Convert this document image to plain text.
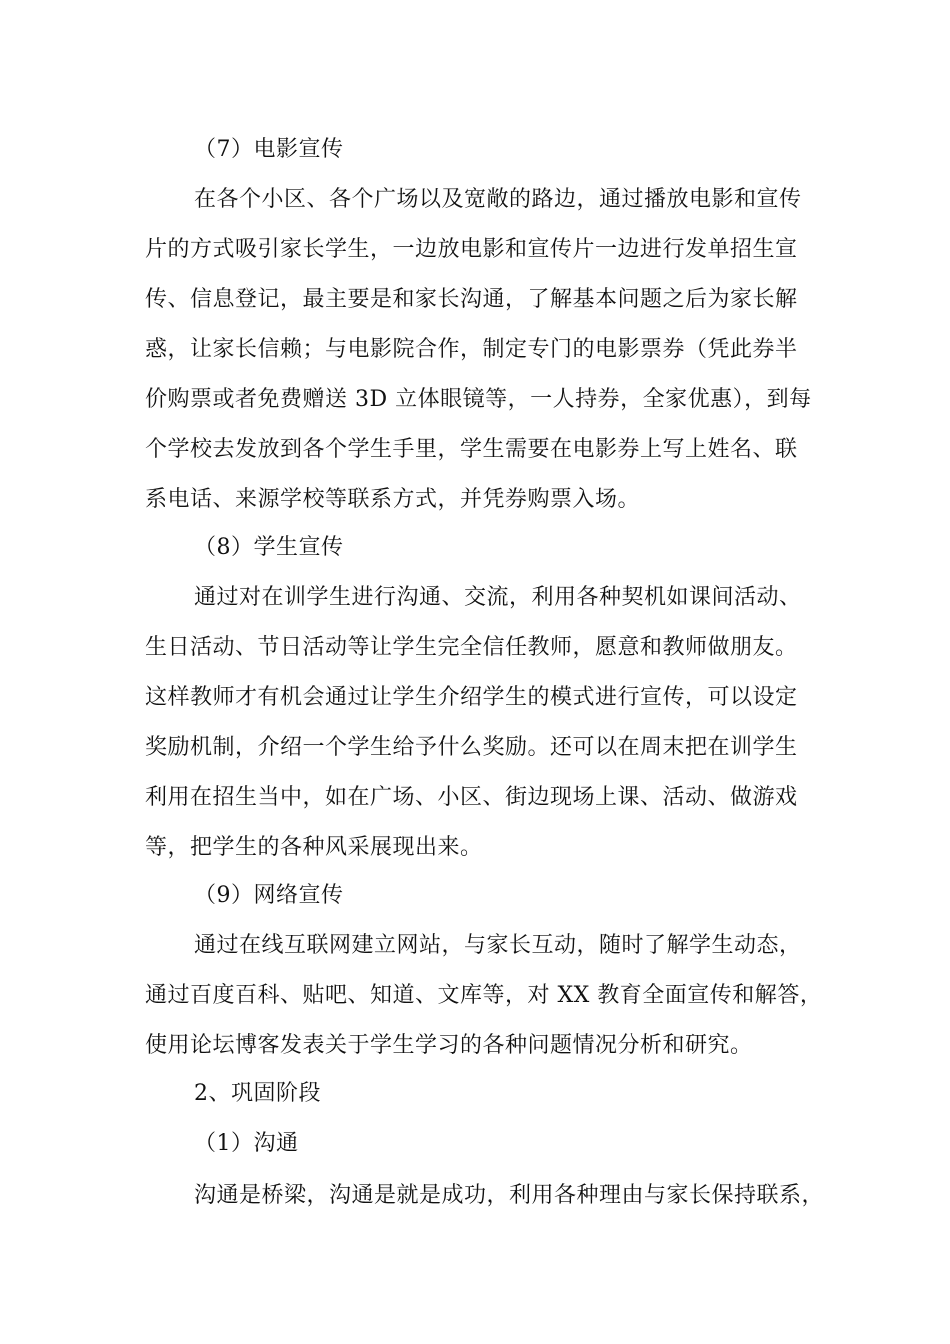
（7）电影宣传
在各个小区、各个广场以及宽敞的路边，通过播放电影和宣传
片的方式吸引家长学生，一边放电影和宣传片一边进行发单招生宣
传、信息登记，最主要是和家长沟通，了解基本问题之后为家长解
惑，让家长信赖；与电影院合作，制定专门的电影票券（凭此券半
价购票或者免费赠送 3D 立体眼镜等，一人持券，全家优惠），到每
个学校去发放到各个学生手里，学生需要在电影券上写上姓名、联
系电话、来源学校等联系方式，并凭券购票入场。
（8）学生宣传
通过对在训学生进行沟通、交流，利用各种契机如课间活动、
生日活动、节日活动等让学生完全信任教师，愿意和教师做朋友。
这样教师才有机会通过让学生介绍学生的模式进行宣传，可以设定
奖励机制，介绍一个学生给予什么奖励。还可以在周末把在训学生
利用在招生当中，如在广场、小区、街边现场上课、活动、做游戏
等，把学生的各种风采展现出来。
（9）网络宣传
通过在线互联网建立网站，与家长互动，随时了解学生动态，
通过百度百科、贴吧、知道、文库等，对 XX 教育全面宣传和解答，
使用论坛博客发表关于学生学习的各种问题情况分析和研究。
2、巩固阶段
（1）沟通
沟通是桥梁，沟通是就是成功，利用各种理由与家长保持联系，
